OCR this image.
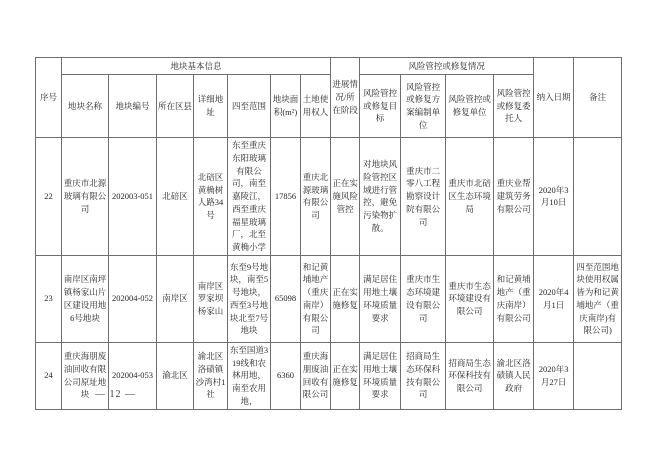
序号	地块基本信息							进展情况/所在阶段	风险管控或修复情况				纳入日期	备注
	地块名称	地块编号	所在区县	详细地址	四至范围	地块面积(m²)	土地使用权人		风险管控或修复目标	风险管控或修复方案编制单位	风险管控或修复单位	风险管控或修复委托人		
22	重庆市北源玻璃有限公司	202003-051	北碚区	北碚区黄桷树人路34号	东至重庆东阳玻璃有限公司，南至嘉陵江，西至重庆福星玻璃厂，北至黄桷小学	17856	重庆北源玻璃有限公司	正在实施风险管控	对地块风险管控区域进行管控，避免污染物扩散。	重庆市二零八工程勘察设计院有限公司	重庆市北碚区生态环境局	重庆业帮建筑劳务有限公司	2020年3月10日	
23	南岸区南坪镇杨家山片区建设用地6号地块	202004-052	南岸区	南岸区罗家坝杨家山	东至9号地块，南至5号地块，西至3号地块北至7号地块	65098	和记黄埔地产（重庆南岸）有限公司	正在实施修复	满足居住用地土壤环境质量要求	重庆市生态环境建设有限公司	重庆市生态环境建设有限公司	和记黄埔地产（重庆南岸）有限公司	2020年4月1日	四至范围地块使用权属皆为和记黄埔地产（重庆南岸)有限公司)
24	重庆海朋废油回收有限公司原址地块	202004-053	渝北区	渝北区洛碛镇沙湾村1社	东至国道319线和农林用地，南至农用地，	6360	重庆海朋废油回收有限公司	正在实施修复	满足居住用地土壤环境质量要求	招商局生态环保科技有限公司	招商局生态环保科技有限公司	渝北区洛碛镇人民政府	2020年3月27日	
— 12 —
